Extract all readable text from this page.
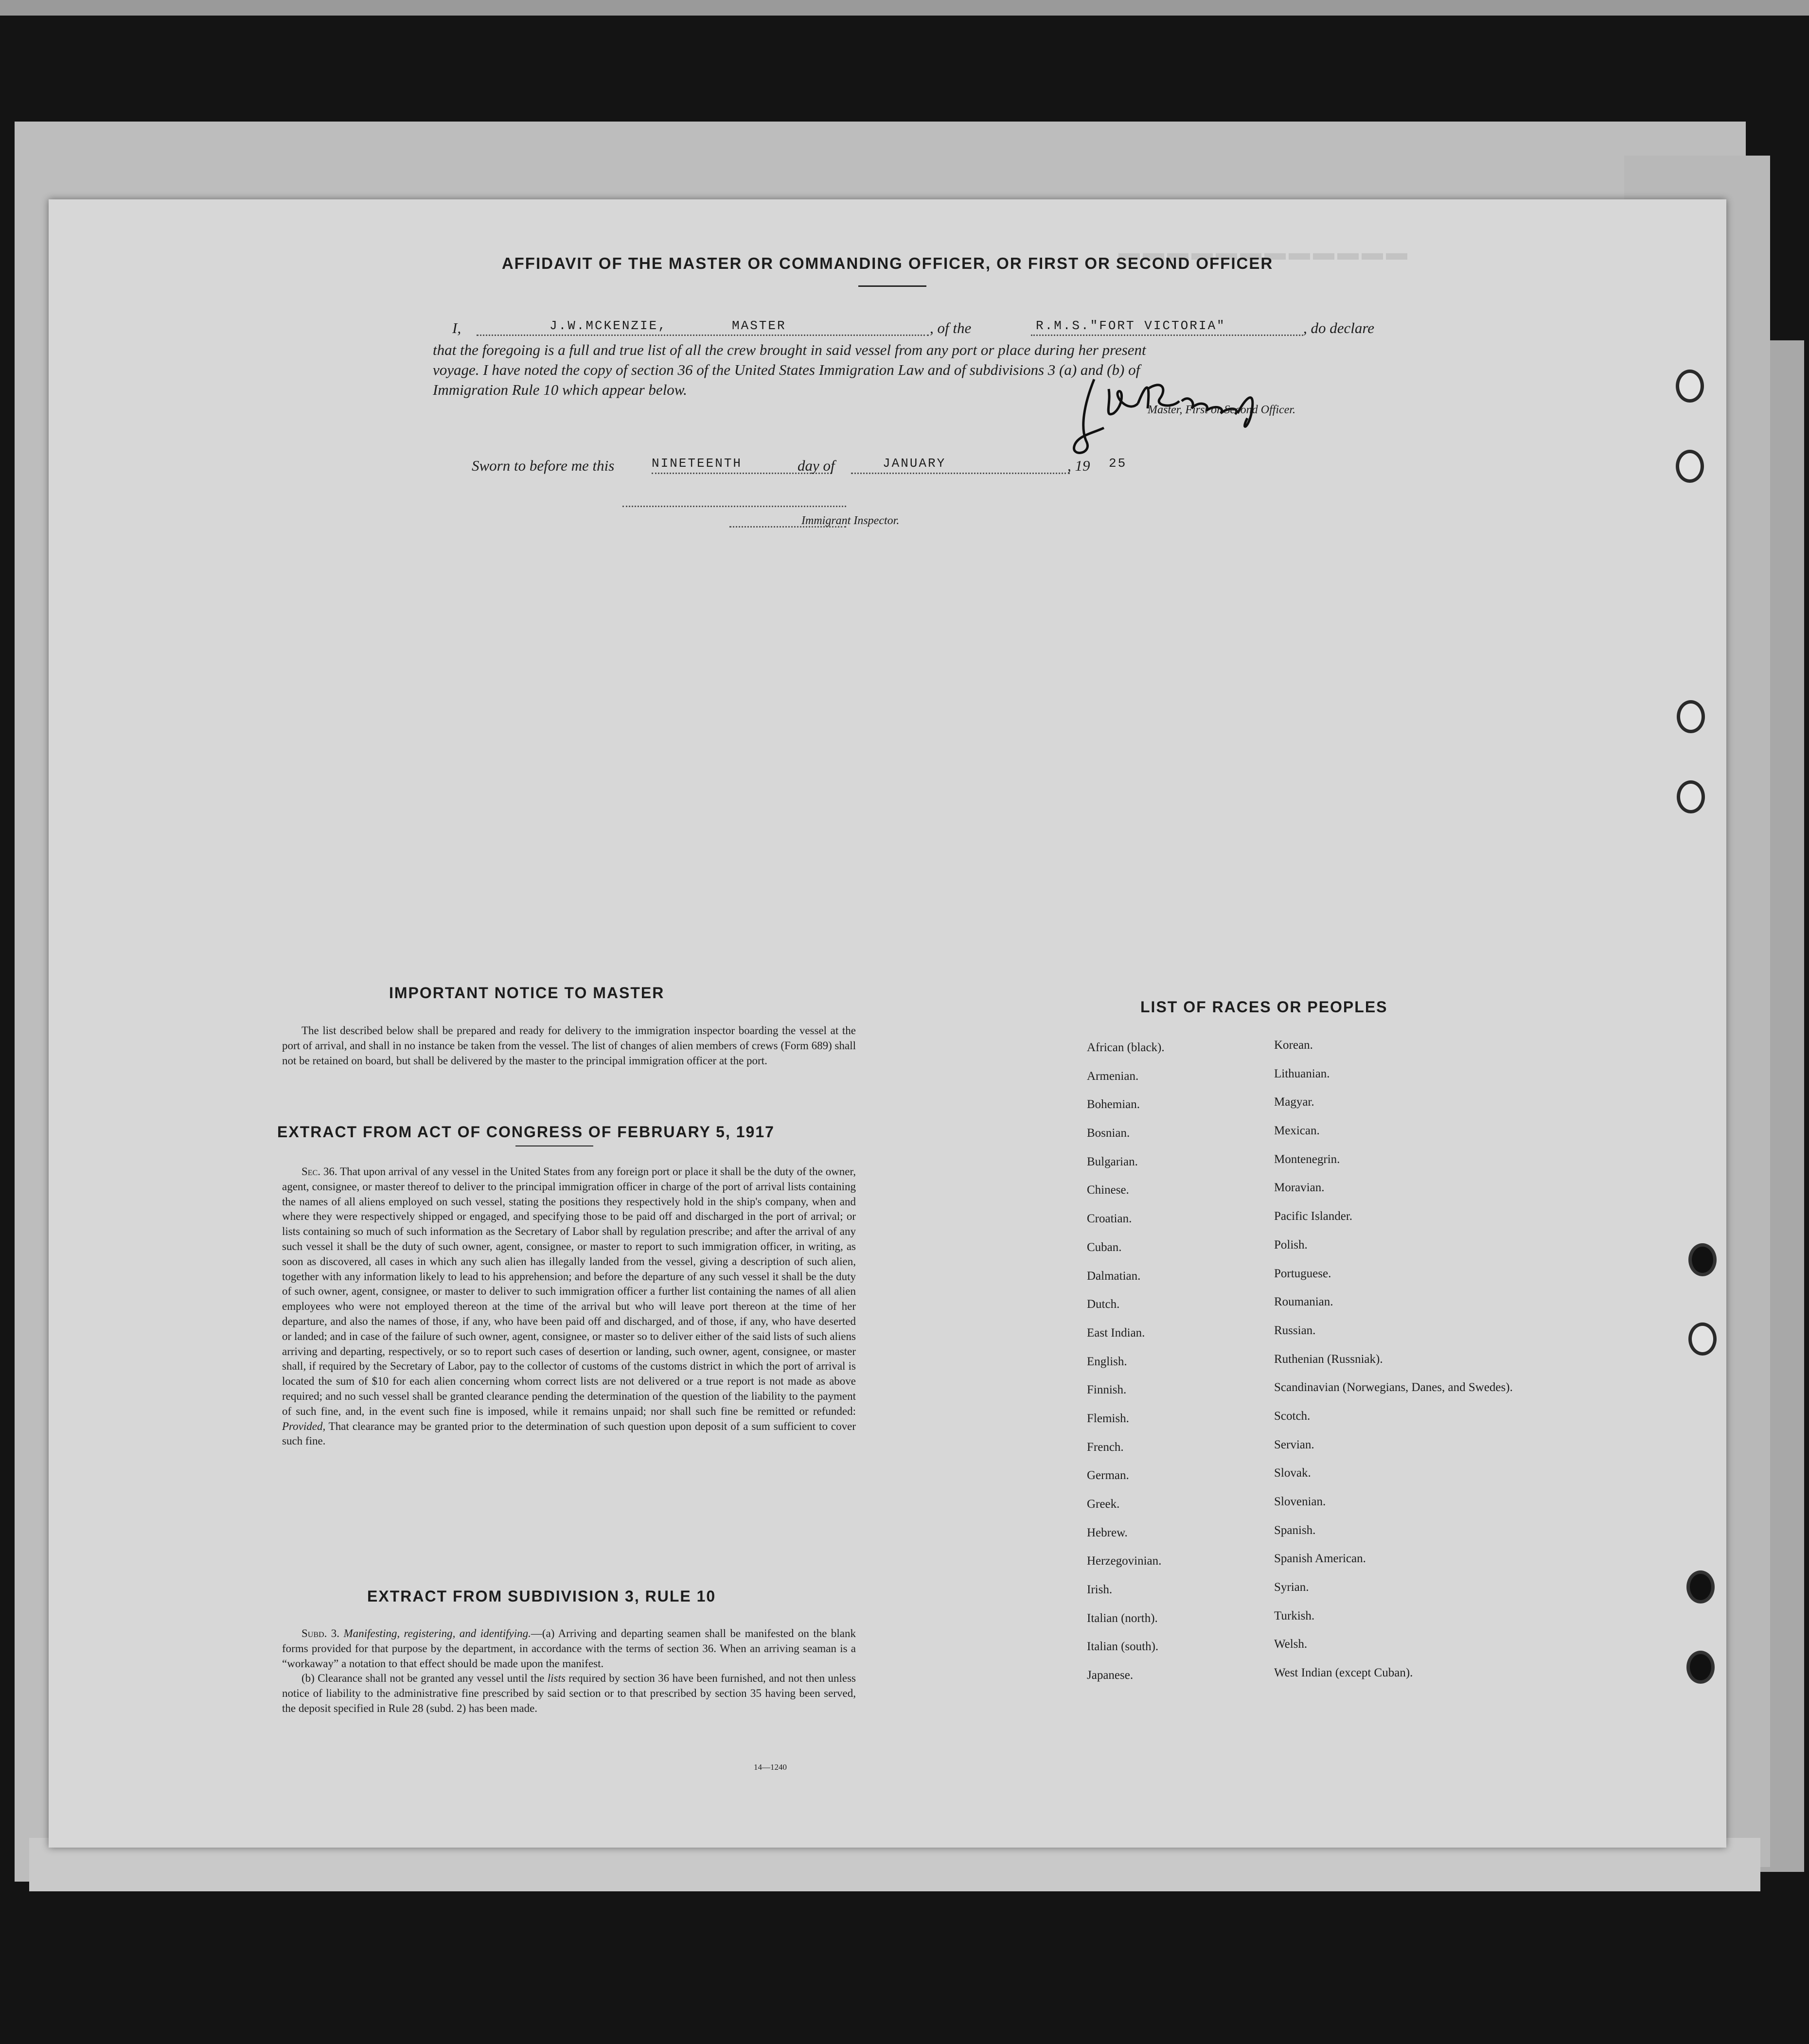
▬▬▬▬▬▬▬▬▬▬▬▬
AFFIDAVIT OF THE MASTER OR COMMANDING OFFICER, OR FIRST OR SECOND OFFICER
I,	J.W.MCKENZIE,	MASTER	, of the	R.M.S."FORT VICTORIA"	, do declare
that the foregoing is a full and true list of all the crew brought in said vessel from any port or place during her present
voyage. I have noted the copy of section 36 of the United States Immigration Law and of subdivisions 3 (a) and (b) of
Immigration Rule 10 which appear below.
Master, First or Second Officer.
Sworn to before me this	NINETEENTH	day of	JANUARY	, 19 25
Immigrant Inspector.
IMPORTANT NOTICE TO MASTER

The list described below shall be prepared and ready for delivery to the immigration inspector boarding the vessel at the port of arrival, and shall in no instance be taken from the vessel. The list of changes of alien members of crews (Form 689) shall not be retained on board, but shall be delivered by the master to the principal immigration officer at the port.

EXTRACT FROM ACT OF CONGRESS OF FEBRUARY 5, 1917

Sec. 36. That upon arrival of any vessel in the United States from any foreign port or place it shall be the duty of the owner, agent, consignee, or master thereof to deliver to the principal immigration officer in charge of the port of arrival lists containing the names of all aliens employed on such vessel, stating the positions they respectively hold in the ship's company, when and where they were respectively shipped or engaged, and specifying those to be paid off and discharged in the port of arrival; or lists containing so much of such information as the Secretary of Labor shall by regulation prescribe; and after the arrival of any such vessel it shall be the duty of such owner, agent, consignee, or master to report to such immigration officer, in writing, as soon as discovered, all cases in which any such alien has illegally landed from the vessel, giving a description of such alien, together with any information likely to lead to his apprehension; and before the departure of any such vessel it shall be the duty of such owner, agent, consignee, or master to deliver to such immigration officer a further list containing the names of all alien employees who were not employed thereon at the time of the arrival but who will leave port thereon at the time of her departure, and also the names of those, if any, who have been paid off and discharged, and of those, if any, who have deserted or landed; and in case of the failure of such owner, agent, consignee, or master so to deliver either of the said lists of such aliens arriving and departing, respectively, or so to report such cases of desertion or landing, such owner, agent, consignee, or master shall, if required by the Secretary of Labor, pay to the collector of customs of the customs district in which the port of arrival is located the sum of $10 for each alien concerning whom correct lists are not delivered or a true report is not made as above required; and no such vessel shall be granted clearance pending the determination of the question of the liability to the payment of such fine, and, in the event such fine is imposed, while it remains unpaid; nor shall such fine be remitted or refunded: Provided, That clearance may be granted prior to the determination of such question upon deposit of a sum sufficient to cover such fine.

EXTRACT FROM SUBDIVISION 3, RULE 10

Subd. 3. Manifesting, registering, and identifying.—(a) Arriving and departing seamen shall be manifested on the blank forms provided for that purpose by the department, in accordance with the terms of section 36. When an arriving seaman is a “workaway” a notation to that effect should be made upon the manifest.

(b) Clearance shall not be granted any vessel until the lists required by section 36 have been furnished, and not then unless notice of liability to the administrative fine prescribed by said section or to that prescribed by section 35 having been served, the deposit specified in Rule 28 (subd. 2) has been made.

14—1240
LIST OF RACES OR PEOPLES
African (black).
Armenian.
Bohemian.
Bosnian.
Bulgarian.
Chinese.
Croatian.
Cuban.
Dalmatian.
Dutch.
East Indian.
English.
Finnish.
Flemish.
French.
German.
Greek.
Hebrew.
Herzegovinian.
Irish.
Italian (north).
Italian (south).
Japanese.
Korean.
Lithuanian.
Magyar.
Mexican.
Montenegrin.
Moravian.
Pacific Islander.
Polish.
Portuguese.
Roumanian.
Russian.
Ruthenian (Russniak).
Scandinavian (Norwegians, Danes, and Swedes).
Scotch.
Servian.
Slovak.
Slovenian.
Spanish.
Spanish American.
Syrian.
Turkish.
Welsh.
West Indian (except Cuban).
